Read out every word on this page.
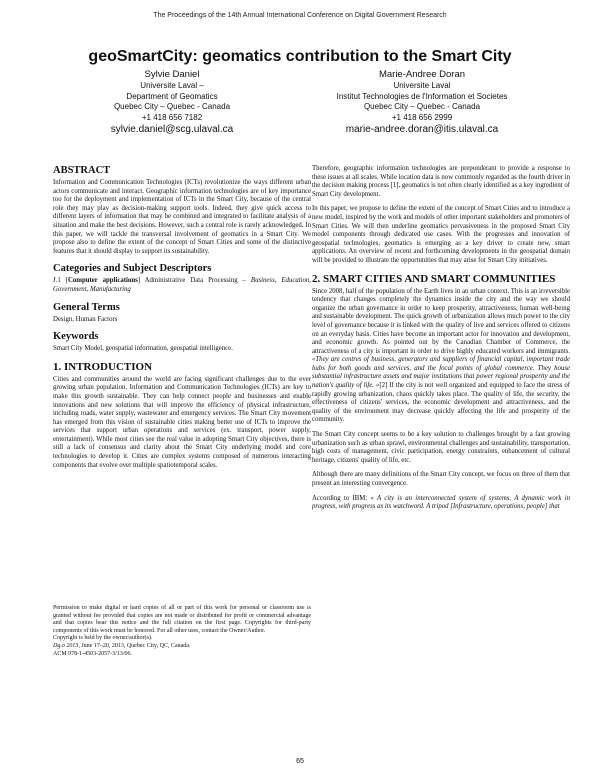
The Proceedings of the 14th Annual International Conference on Digital Government Research
geoSmartCity: geomatics contribution to the Smart City
Sylvie Daniel
Universite Laval –
Department of Geomatics
Quebec City – Quebec - Canada
+1 418 656 7182
sylvie.daniel@scg.ulaval.ca
Marie-Andree Doran
Universite Laval
Institut Technologies de l'Information et Societes
Quebec City – Quebec - Canada
+1 418 656 2999
marie-andree.doran@itis.ulaval.ca
ABSTRACT

Information and Communication Technologies (ICTs) revolutionize the ways different urban actors communicate and interact. Geographic information technologies are of key importance too for the deployment and implementation of ICTs in the Smart City, because of the central role they may play as decision-making support tools. Indeed, they give quick access to different layers of information that may be combined and integrated to facilitate analysis of a situation and make the best decisions. However, such a central role is rarely acknowledged. In this paper, we will tackle the transversal involvement of geomatics in a Smart City. We propose also to define the extent of the concept of Smart Cities and some of the distinctive features that it should display to support its sustainability.

Categories and Subject Descriptors

J.1 [Computer applications] Administrative Data Processing – Business, Education, Government, Manufacturing

General Terms

Design, Human Factors

Keywords

Smart City Model, geospatial information, geospatial intelligence.

1. INTRODUCTION

Cities and communities around the world are facing significant challenges due to the ever growing urban population. Information and Communication Technologies (ICTs) are key to make this growth sustainable. They can help connect people and businesses and enable innovations and new solutions that will improve the efficiency of physical infrastructure, including roads, water supply, wastewater and emergency services. The Smart City movement has emerged from this vision of sustainable cities making better use of ICTs to improve the services that support urban operations and services (ex. transport, power supply, entertainment). While most cities see the real value in adopting Smart City objectives, there is still a lack of consensus and clarity about the Smart City underlying model and core technologies to develop it. Cities are complex systems composed of numerous interacting components that evolve over multiple spatiotemporal scales.

Permission to make digital or hard copies of all or part of this work for personal or classroom use is granted without fee provided that copies are not made or distributed for profit or commercial advantage and that copies bear this notice and the full citation on the first page. Copyrights for third-party components of this work must be honored. For all other uses, contact the Owner/Author.

Copyright is held by the owner/author(s).

Dg.o 2013, June 17–20, 2013, Quebec City, QC, Canada.

ACM 978-1-4503-2057-3/13/06.

Therefore, geographic information technologies are preponderant to provide a response to these issues at all scales. While location data is now commonly regarded as the fourth driver in the decision making process [1], geomatics is not often clearly identified as a key ingredient of Smart City development.

In this paper, we propose to define the extent of the concept of Smart Cities and to introduce a new model, inspired by the work and models of other important stakeholders and promoters of Smart Cities. We will then underline geomatics pervasiveness in the proposed Smart City model components through dedicated use cases. With the progresses and innovation of geospatial technologies, geomatics is emerging as a key driver to create new, smart applications. An overview of recent and forthcoming developments in the geospatial domain will be provided to illustrate the opportunities that may arise for Smart City initiatives.

2. SMART CITIES AND SMART COMMUNITIES

Since 2008, half of the population of the Earth lives in an urban context. This is an irreversible tendency that changes completely the dynamics inside the city and the way we should organize the urban governance in order to keep prosperity, attractiveness, human well-being and sustainable development. The quick growth of urbanization allows much power to the city level of governance because it is linked with the quality of live and services offered to citizens on an everyday basis. Cities have become an important actor for innovation and development, and economic growth. As pointed out by the Canadian Chamber of Commerce, the attractiveness of a city is important in order to drive highly educated workers and immigrants. «They are centres of business, generators and suppliers of financial capital, important trade hubs for both goods and services, and the focal points of global commerce. They house substantial infrastructure assets and major institutions that power regional prosperity and the nation's quality of life. »[2] If the city is not well organized and equipped to face the stress of rapidly growing urbanization, chaos quickly takes place. The quality of life, the security, the effectiveness of citizens' services, the economic development and attractiveness, and the quality of the environment may decrease quickly affecting the life and prosperity of the community.

The Smart City concept seems to be a key solution to challenges brought by a fast growing urbanization such as urban sprawl, environmental challenges and sustainability, transportation, high costs of management, civic participation, energy constraints, enhancement of cultural heritage, citizens' quality of life, etc.

Although there are many definitions of the Smart City concept, we focus on three of them that present an interesting convergence.

According to IBM: « A city is an interconnected system of systems. A dynamic work in progress, with progress as its watchword. A tripod [Infrastructure, operations, people] that

65
